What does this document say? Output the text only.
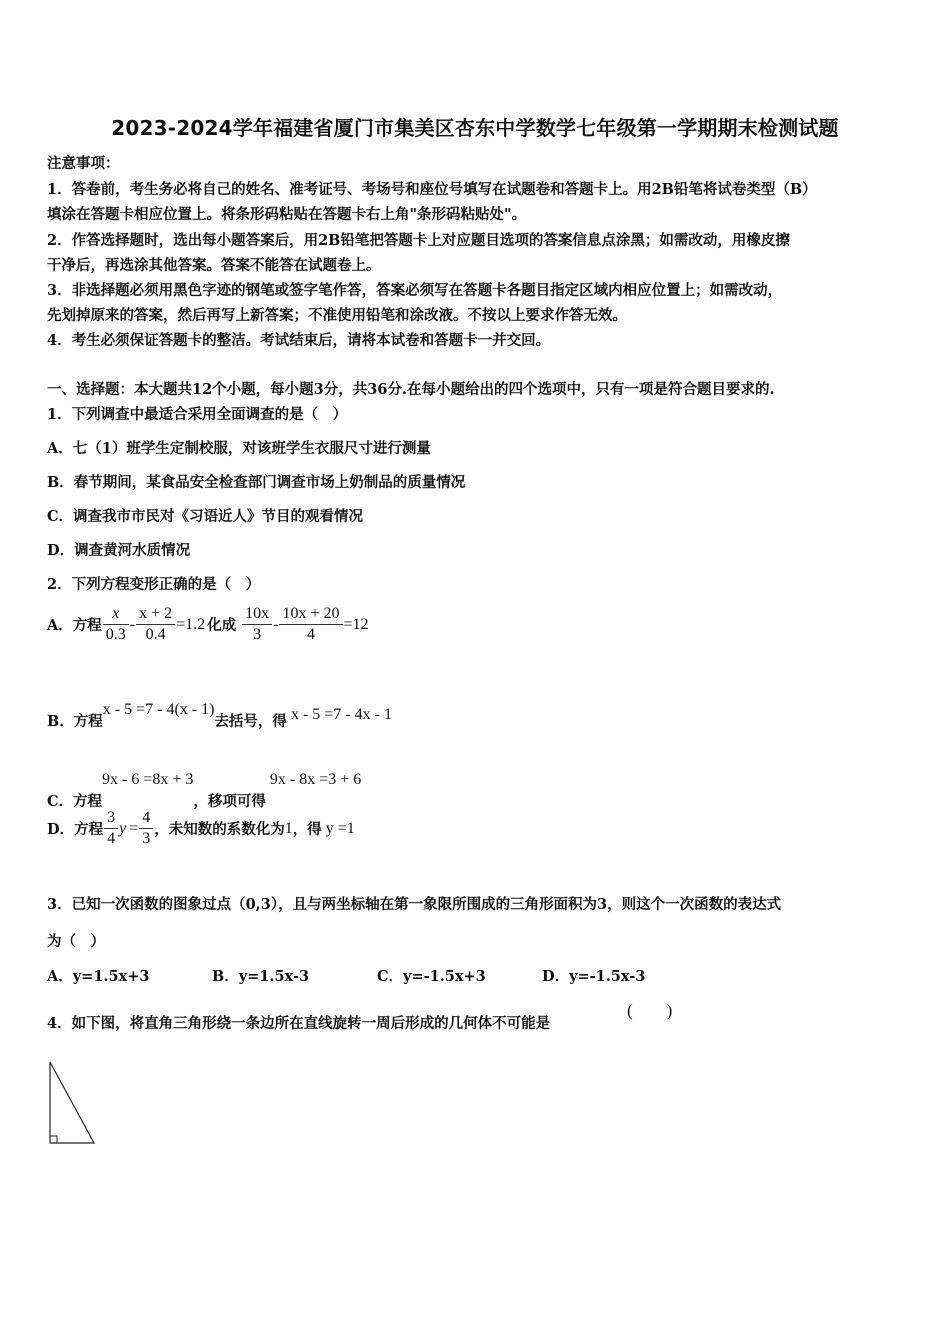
2023-2024学年福建省厦门市集美区杏东中学数学七年级第一学期期末检测试题
注意事项：
1．答卷前，考生务必将自己的姓名、准考证号、考场号和座位号填写在试题卷和答题卡上。用2B铅笔将试卷类型（B）
填涂在答题卡相应位置上。将条形码粘贴在答题卡右上角"条形码粘贴处"。
2．作答选择题时，选出每小题答案后，用2B铅笔把答题卡上对应题目选项的答案信息点涂黑；如需改动，用橡皮擦
干净后，再选涂其他答案。答案不能答在试题卷上。
3．非选择题必须用黑色字迹的钢笔或签字笔作答，答案必须写在答题卡各题目指定区域内相应位置上；如需改动，
先划掉原来的答案，然后再写上新答案；不准使用铅笔和涂改液。不按以上要求作答无效。
4．考生必须保证答题卡的整洁。考试结束后，请将本试卷和答题卡一并交回。
一、选择题：本大题共12个小题，每小题3分，共36分.在每小题给出的四个选项中，只有一项是符合题目要求的.
1．下列调查中最适合采用全面调查的是（　）
A．七（1）班学生定制校服，对该班学生衣服尺寸进行测量
B．春节期间，某食品安全检查部门调查市场上奶制品的质量情况
C．调查我市市民对《习语近人》节目的观看情况
D．调查黄河水质情况
2．下列方程变形正确的是（　）
A．方程 $\frac{x}{0.3} - \frac{x + 2}{0.4} =1.2$ 化成 $\frac{10x}{3} - \frac{10x + 20}{4} =12$
B．方程
x - 5 =7 - 4(x - 1)
去括号，得 x - 5 =7 - 4x - 1
C．方程
9x - 6 =8x + 3
，移项可得
9x - 8x =3 + 6
D．方程 $\frac{3}{4}$ $y = \frac{4}{3}$ ，未知数的系数化为 1 ，得 y =1
3．已知一次函数的图象过点（0,3），且与两坐标轴在第一象限所围成的三角形面积为3，则这个一次函数的表达式
为（　）
A．y=1.5x+3	B．y=1.5x-3	C．y=-1.5x+3	D．y=-1.5x-3
4．如下图，将直角三角形绕一条边所在直线旋转一周后形成的几何体不可能是
(　　)
